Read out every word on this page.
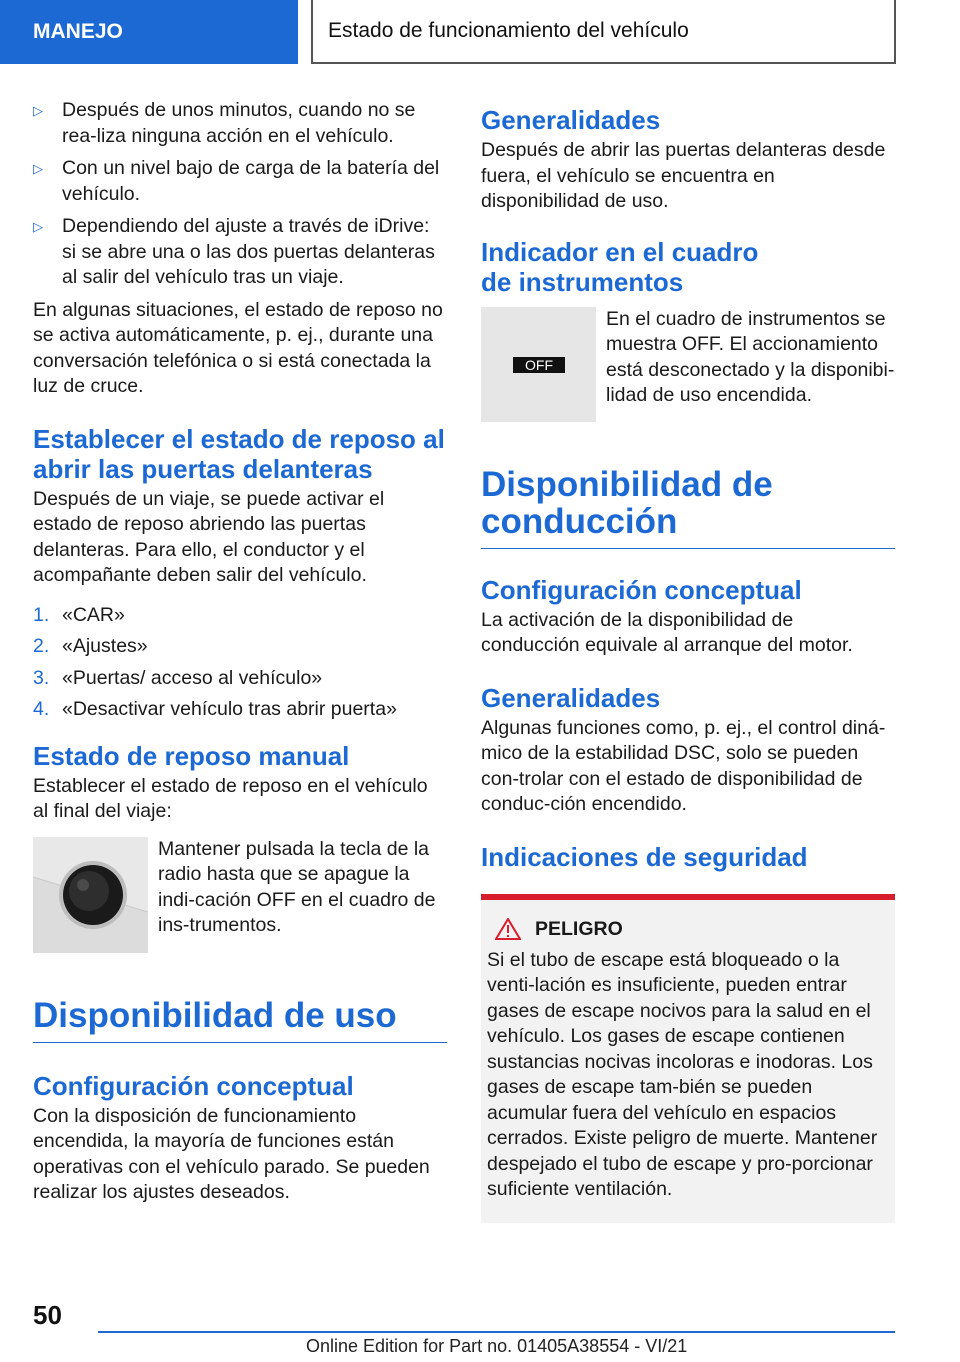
MANEJO	Estado de funcionamiento del vehículo
▷ Después de unos minutos, cuando no se rea-liza ninguna acción en el vehículo.
▷ Con un nivel bajo de carga de la batería del vehículo.
▷ Dependiendo del ajuste a través de iDrive: si se abre una o las dos puertas delanteras al salir del vehículo tras un viaje.

En algunas situaciones, el estado de reposo no se activa automáticamente, p. ej., durante una conversación telefónica o si está conectada la luz de cruce.

Establecer el estado de reposo al abrir las puertas delanteras

Después de un viaje, se puede activar el estado de reposo abriendo las puertas delanteras. Para ello, el conductor y el acompañante deben salir del vehículo.

1. «CAR»
2. «Ajustes»
3. «Puertas/ acceso al vehículo»
4. «Desactivar vehículo tras abrir puerta»
Estado de reposo manual

Establecer el estado de reposo en el vehículo al final del viaje:

Mantener pulsada la tecla de la radio hasta que se apague la indi-cación OFF en el cuadro de ins-trumentos.

Disponibilidad de uso
Configuración conceptual

Con la disposición de funcionamiento encendida, la mayoría de funciones están operativas con el vehículo parado. Se pueden realizar los ajustes deseados.

Generalidades

Después de abrir las puertas delanteras desde fuera, el vehículo se encuentra en disponibilidad de uso.

Indicador en el cuadro de instrumentos
OFF

En el cuadro de instrumentos se muestra OFF. El accionamiento está desconectado y la disponibi-lidad de uso encendida.

Disponibilidad de conducción
Configuración conceptual

La activación de la disponibilidad de conducción equivale al arranque del motor.

Generalidades

Algunas funciones como, p. ej., el control diná-mico de la estabilidad DSC, solo se pueden con-trolar con el estado de disponibilidad de conduc-ción encendido.

Indicaciones de seguridad
PELIGRO

Si el tubo de escape está bloqueado o la venti-lación es insuficiente, pueden entrar gases de escape nocivos para la salud en el vehículo. Los gases de escape contienen sustancias nocivas incoloras e inodoras. Los gases de escape tam-bién se pueden acumular fuera del vehículo en espacios cerrados. Existe peligro de muerte. Mantener despejado el tubo de escape y pro-porcionar suficiente ventilación.

50
Online Edition for Part no. 01405A38554 - VI/21
